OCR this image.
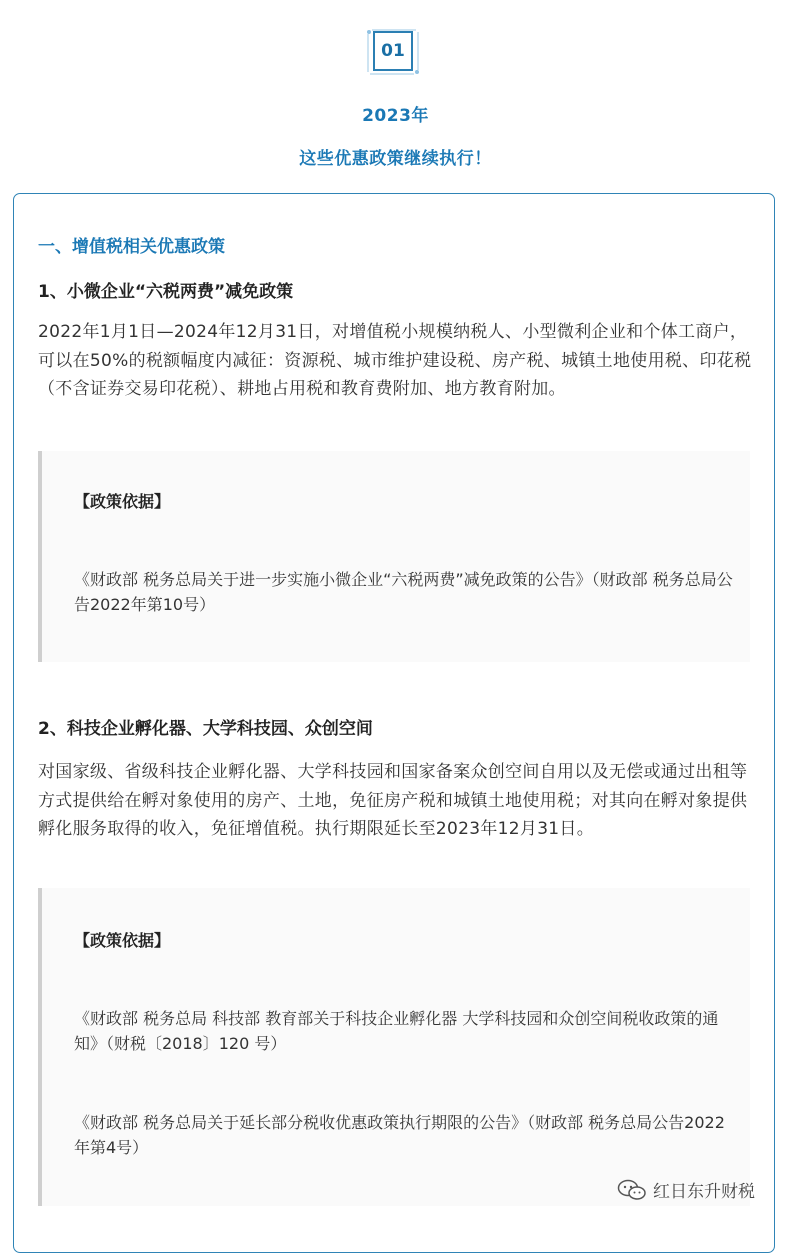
01
2023年
这些优惠政策继续执行！
一、增值税相关优惠政策
1、小微企业“六税两费”减免政策
2022年1月1日—2024年12月31日，对增值税小规模纳税人、小型微利企业和个体工商户，可以在50%的税额幅度内减征：资源税、城市维护建设税、房产税、城镇土地使用税、印花税（不含证券交易印花税）、耕地占用税和教育费附加、地方教育附加。
【政策依据】
《财政部 税务总局关于进一步实施小微企业“六税两费”减免政策的公告》（财政部 税务总局公告2022年第10号）
2、科技企业孵化器、大学科技园、众创空间
对国家级、省级科技企业孵化器、大学科技园和国家备案众创空间自用以及无偿或通过出租等方式提供给在孵对象使用的房产、土地，免征房产税和城镇土地使用税；对其向在孵对象提供孵化服务取得的收入，免征增值税。执行期限延长至2023年12月31日。
【政策依据】
《财政部 税务总局 科技部 教育部关于科技企业孵化器 大学科技园和众创空间税收政策的通知》（财税〔2018〕120 号）
《财政部 税务总局关于延长部分税收优惠政策执行期限的公告》（财政部 税务总局公告2022年第4号）
红日东升财税
